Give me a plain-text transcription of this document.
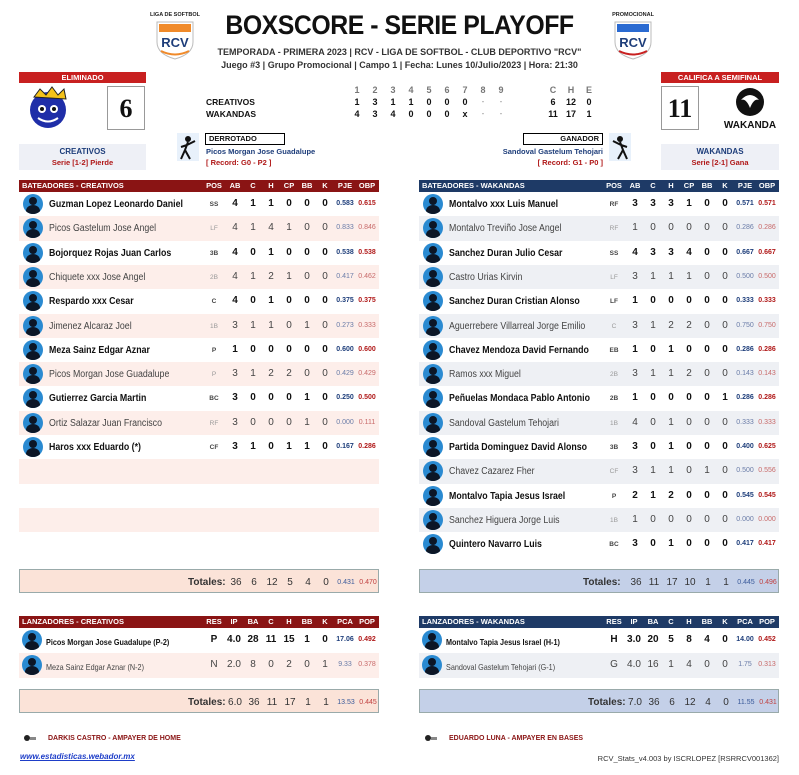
BOXSCORE - SERIE PLAYOFF
TEMPORADA - PRIMERA 2023 | RCV - LIGA DE SOFTBOL - CLUB DEPORTIVO "RCV"
Juego #3 | Grupo Promocional | Campo 1 | Fecha: Lunes 10/Julio/2023 | Hora: 21:30
LIGA DE SOFTBOL
RCV
PROMOCIONAL
RCV
ELIMINADO
6
CREATIVOS
Serie [1-2] Pierde
CALIFICA A SEMIFINAL
11
WAKANDA
WAKANDAS
Serie [2-1] Gana
1	2	3	4	5	6	7	8	9	C	H	E
CREATIVOS	1	3	1	1	0	0	0	-	-	6	12	0
WAKANDAS	4	3	4	0	0	0	x	-	-	11 17	1
DERROTADO
Picos Morgan Jose Guadalupe
[ Record: G0 - P2 ]
GANADOR
Sandoval Gastelum Tehojari
[ Record: G1 - P0 ]
BATEADORES - CREATIVOS	POS	AB	C	H	CP BB	K	PJE OBP
Guzman Lopez Leonardo Daniel	SS	4	1	1	0	0	0	0.583 0.615
Picos Gastelum Jose Angel	LF	4	1	4	1	0	0	0.833 0.846
Bojorquez Rojas Juan Carlos	3B	4	0	1	0	0	0	0.538 0.538
Chiquete xxx Jose Angel	2B	4	1	2	1	0	0	0.417 0.462
Respardo xxx Cesar	C	4	0	1	0	0	0	0.375 0.375
Jimenez Alcaraz Joel	1B	3	1	1	0	1	0	0.273 0.333
Meza Sainz Edgar Aznar	P	1	0	0	0	0	0	0.600 0.600
Picos Morgan Jose Guadalupe	P	3	1	2	2	0	0	0.429 0.429
Gutierrez Garcia Martin	BC	3	0	0	0	1	0	0.250 0.500
Ortiz Salazar Juan Francisco	RF	3	0	0	0	1	0	0.000 0.111
Haros xxx Eduardo (*)	CF	3	1	0	1	1	0	0.167 0.286
Totales: 36 6 12 5	4	0	0.431 0.470
BATEADORES - WAKANDAS	POS	AB	C	H	CP BB	K	PJE OBP
Montalvo xxx Luis Manuel	RF	3	3	3	1	0	0	0.571 0.571
Montalvo Treviño Jose Angel	RF	1	0	0	0	0	0	0.286 0.286
Sanchez Duran Julio Cesar	SS	4	3	3	4	0	0	0.667 0.667
Castro Urias Kirvin	LF	3	1	1	1	0	0	0.500 0.500
Sanchez Duran Cristian Alonso	LF	1	0	0	0	0	0	0.333 0.333
Aguerrebere Villarreal Jorge Emilio	C	3	1	2	2	0	0	0.750 0.750
Chavez Mendoza David Fernando	EB	1	0	1	0	0	0	0.286 0.286
Ramos xxx Miguel	2B	3	1	1	2	0	0	0.143 0.143
Peñuelas Mondaca Pablo Antonio	2B	1	0	0	0	0	1	0.286 0.286
Sandoval Gastelum Tehojari	1B	4	0	1	0	0	0	0.333 0.333
Partida Dominguez David Alonso	3B	3	0	1	0	0	0	0.400 0.625
Chavez Cazarez Fher	CF	3	1	1	0	1	0	0.500 0.556
Montalvo Tapia Jesus Israel	P	2	1	2	0	0	0	0.545 0.545
Sanchez Higuera Jorge Luis	1B	1	0	0	0	0	0	0.000 0.000
Quintero Navarro Luis	BC	3	0	1	0	0	0	0.417 0.417
Totales: 36 11 17 10 1	1	0.445 0.496
LANZADORES - CREATIVOS	RES	IP	BA	C	H	BB	K	PCA POP
Picos Morgan Jose Guadalupe (P-2)	P 4.0 28 11 15 1	0	17.06 0.492
Meza Sainz Edgar Aznar (N-2)	N 2.0 8	0	2	0	1	9.33 0.378
Totales: 6.0 36 11 17 1	1	13.53 0.445
LANZADORES - WAKANDAS	RES	IP	BA	C	H	BB	K	PCA POP
Montalvo Tapia Jesus Israel (H-1)	H 3.0 20 5	8	4	0	14.00 0.452
Sandoval Gastelum Tehojari (G-1)	G 4.0 16 1	4	0	0	1.75 0.313
Totales: 7.0 36 6 12 4	0	11.55 0.431
DARKIS CASTRO - AMPAYER DE HOME	EDUARDO LUNA - AMPAYER EN BASES
www.estadisticas.webador.mx	RCV_Stats_v4.003 by ISCRLOPEZ [RSRRCV001362]
